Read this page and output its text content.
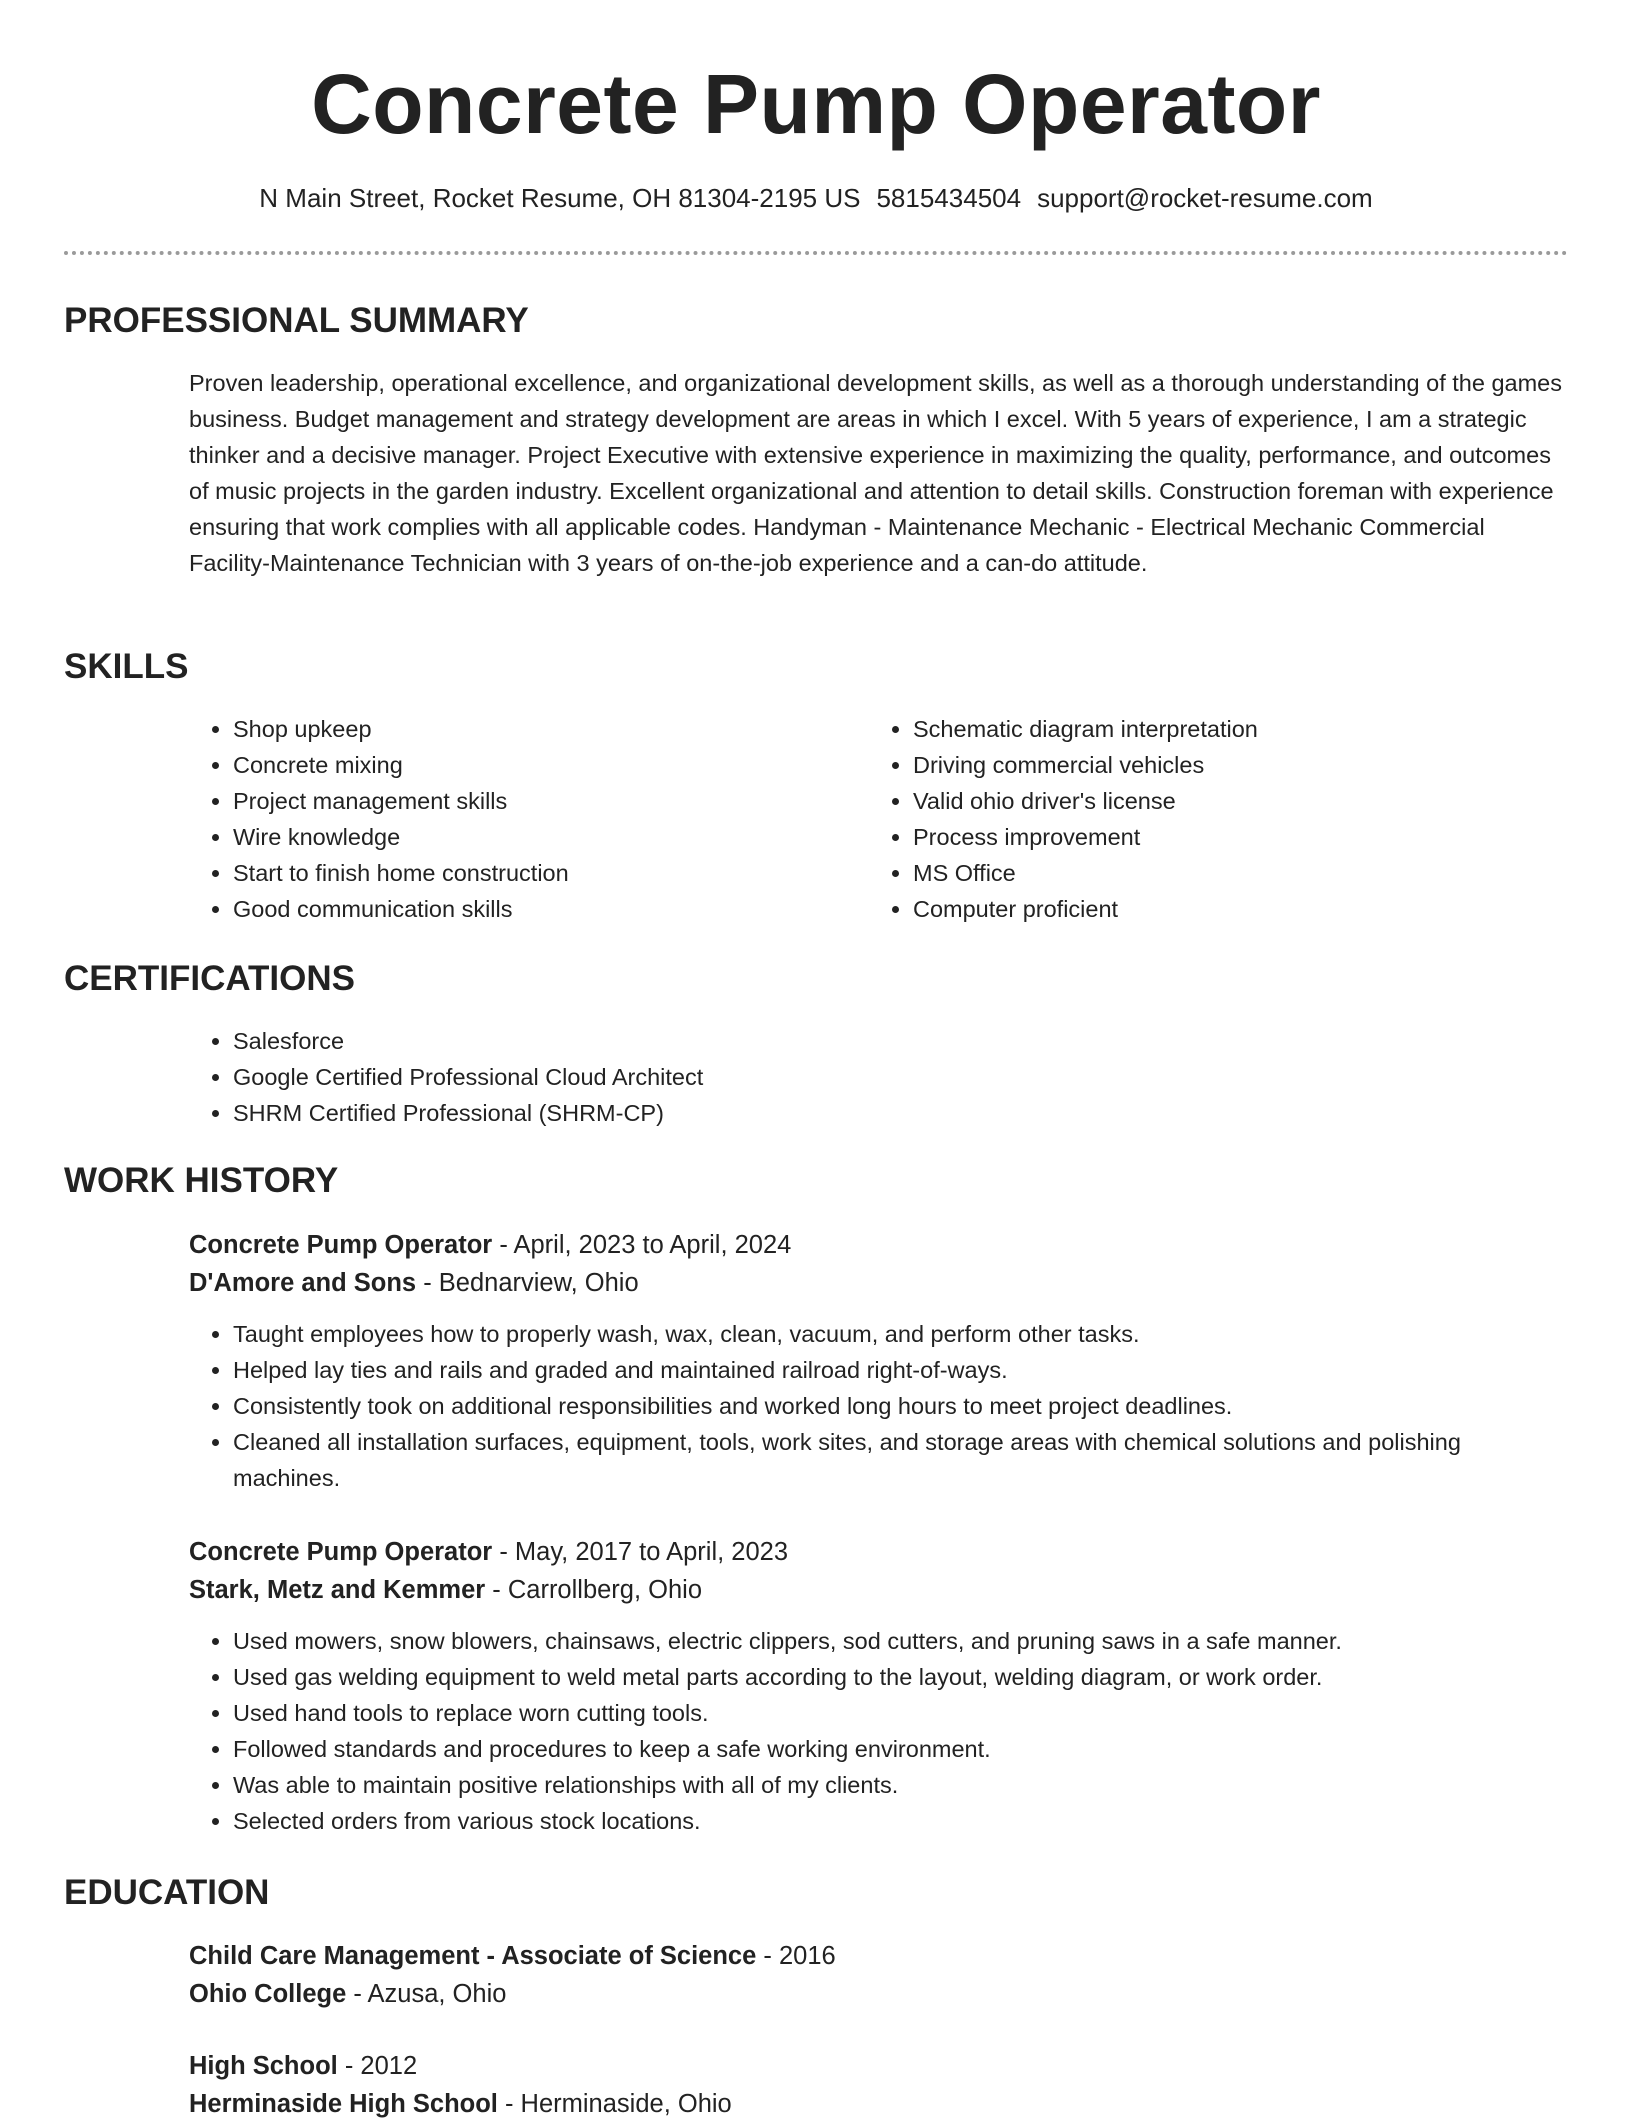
Concrete Pump Operator
N Main Street, Rocket Resume, OH 81304-2195 US 5815434504 support@rocket-resume.com
PROFESSIONAL SUMMARY

Proven leadership, operational excellence, and organizational development skills, as well as a thorough understanding of the games business. Budget management and strategy development are areas in which I excel. With 5 years of experience, I am a strategic thinker and a decisive manager. Project Executive with extensive experience in maximizing the quality, performance, and outcomes of music projects in the garden industry. Excellent organizational and attention to detail skills. Construction foreman with experience ensuring that work complies with all applicable codes. Handyman - Maintenance Mechanic - Electrical Mechanic Commercial Facility-Maintenance Technician with 3 years of on-the-job experience and a can-do attitude.

SKILLS
• Shop upkeep
• Concrete mixing
• Project management skills
• Wire knowledge
• Start to finish home construction
• Good communication skills
• Schematic diagram interpretation
• Driving commercial vehicles
• Valid ohio driver's license
• Process improvement
• MS Office
• Computer proficient
CERTIFICATIONS
• Salesforce
• Google Certified Professional Cloud Architect
• SHRM Certified Professional (SHRM-CP)
WORK HISTORY

Concrete Pump Operator - April, 2023 to April, 2024

D'Amore and Sons - Bednarview, Ohio

• Taught employees how to properly wash, wax, clean, vacuum, and perform other tasks.
• Helped lay ties and rails and graded and maintained railroad right-of-ways.
• Consistently took on additional responsibilities and worked long hours to meet project deadlines.
• Cleaned all installation surfaces, equipment, tools, work sites, and storage areas with chemical solutions and polishing machines.

Concrete Pump Operator - May, 2017 to April, 2023

Stark, Metz and Kemmer - Carrollberg, Ohio

• Used mowers, snow blowers, chainsaws, electric clippers, sod cutters, and pruning saws in a safe manner.
• Used gas welding equipment to weld metal parts according to the layout, welding diagram, or work order.
• Used hand tools to replace worn cutting tools.
• Followed standards and procedures to keep a safe working environment.
• Was able to maintain positive relationships with all of my clients.
• Selected orders from various stock locations.
EDUCATION

Child Care Management - Associate of Science - 2016

Ohio College - Azusa, Ohio

High School - 2012

Herminaside High School - Herminaside, Ohio
